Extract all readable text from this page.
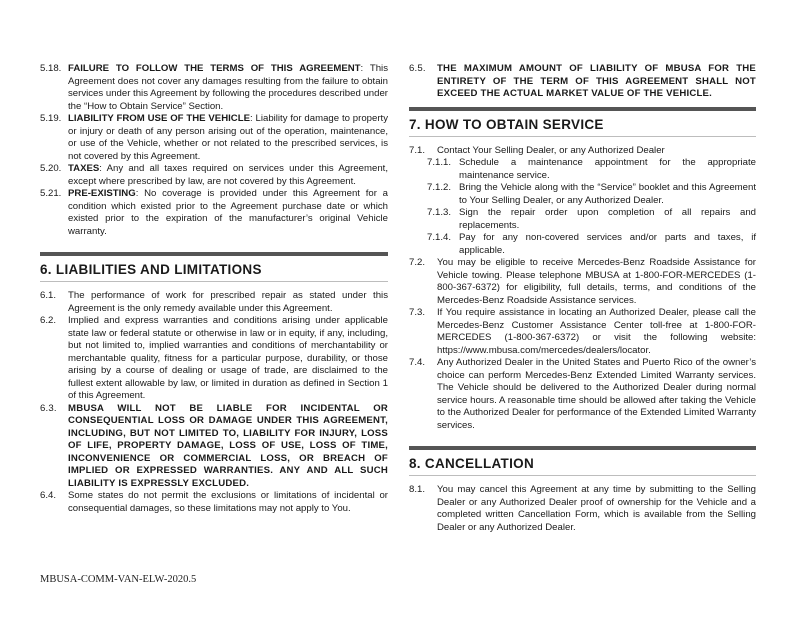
5.18. FAILURE TO FOLLOW THE TERMS OF THIS AGREEMENT: This Agreement does not cover any damages resulting from the failure to obtain services under this Agreement by following the procedures described under the “How to Obtain Service” Section.

5.19. LIABILITY FROM USE OF THE VEHICLE: Liability for damage to property or injury or death of any person arising out of the operation, maintenance, or use of the Vehicle, whether or not related to the prescribed services, is not covered by this Agreement.

5.20. TAXES: Any and all taxes required on services under this Agreement, except where prescribed by law, are not covered by this Agreement.

5.21. PRE-EXISTING: No coverage is provided under this Agreement for a condition which existed prior to the Agreement purchase date or which existed prior to the expiration of the manufacturer’s original Vehicle warranty.

6. LIABILITIES AND LIMITATIONS

6.1. The performance of work for prescribed repair as stated under this Agreement is the only remedy available under this Agreement.

6.2. Implied and express warranties and conditions arising under applicable state law or federal statute or otherwise in law or in equity, if any, including, but not limited to, implied warranties and conditions of merchantability or merchantable quality, fitness for a particular purpose, durability, or those arising by a course of dealing or usage of trade, are disclaimed to the fullest extent allowable by law, or limited in duration as defined in Section 1 of this Agreement.

6.3. MBUSA WILL NOT BE LIABLE FOR INCIDENTAL OR CONSEQUENTIAL LOSS OR DAMAGE UNDER THIS AGREEMENT, INCLUDING, BUT NOT LIMITED TO, LIABILITY FOR INJURY, LOSS OF LIFE, PROPERTY DAMAGE, LOSS OF USE, LOSS OF TIME, INCONVENIENCE OR COMMERCIAL LOSS, OR BREACH OF IMPLIED OR EXPRESSED WARRANTIES. ANY AND ALL SUCH LIABILITY IS EXPRESSLY EXCLUDED.

6.4. Some states do not permit the exclusions or limitations of incidental or consequential damages, so these limitations may not apply to You.

6.5. THE MAXIMUM AMOUNT OF LIABILITY OF MBUSA FOR THE ENTIRETY OF THE TERM OF THIS AGREEMENT SHALL NOT EXCEED THE ACTUAL MARKET VALUE OF THE VEHICLE.

7. HOW TO OBTAIN SERVICE

7.1. Contact Your Selling Dealer, or any Authorized Dealer

7.1.1. Schedule a maintenance appointment for the appropriate maintenance service.

7.1.2. Bring the Vehicle along with the “Service” booklet and this Agreement to Your Selling Dealer, or any Authorized Dealer.

7.1.3. Sign the repair order upon completion of all repairs and replacements.

7.1.4. Pay for any non-covered services and/or parts and taxes, if applicable.

7.2. You may be eligible to receive Mercedes-Benz Roadside Assistance for Vehicle towing. Please telephone MBUSA at 1-800-FOR-MERCEDES (1-800-367-6372) for eligibility, full details, terms, and conditions of the Mercedes-Benz Roadside Assistance services.

7.3. If You require assistance in locating an Authorized Dealer, please call the Mercedes-Benz Customer Assistance Center toll-free at 1-800-FOR-MERCEDES (1-800-367-6372) or visit the following website: https://www.mbusa.com/mercedes/dealers/locator.

7.4. Any Authorized Dealer in the United States and Puerto Rico of the owner’s choice can perform Mercedes-Benz Extended Limited Warranty services. The Vehicle should be delivered to the Authorized Dealer during normal service hours. A reasonable time should be allowed after taking the Vehicle to the Authorized Dealer for performance of the Extended Limited Warranty services.

8. CANCELLATION

8.1. You may cancel this Agreement at any time by submitting to the Selling Dealer or any Authorized Dealer proof of ownership for the Vehicle and a completed written Cancellation Form, which is available from the Selling Dealer or any Authorized Dealer.

MBUSA-COMM-VAN-ELW-2020.5
